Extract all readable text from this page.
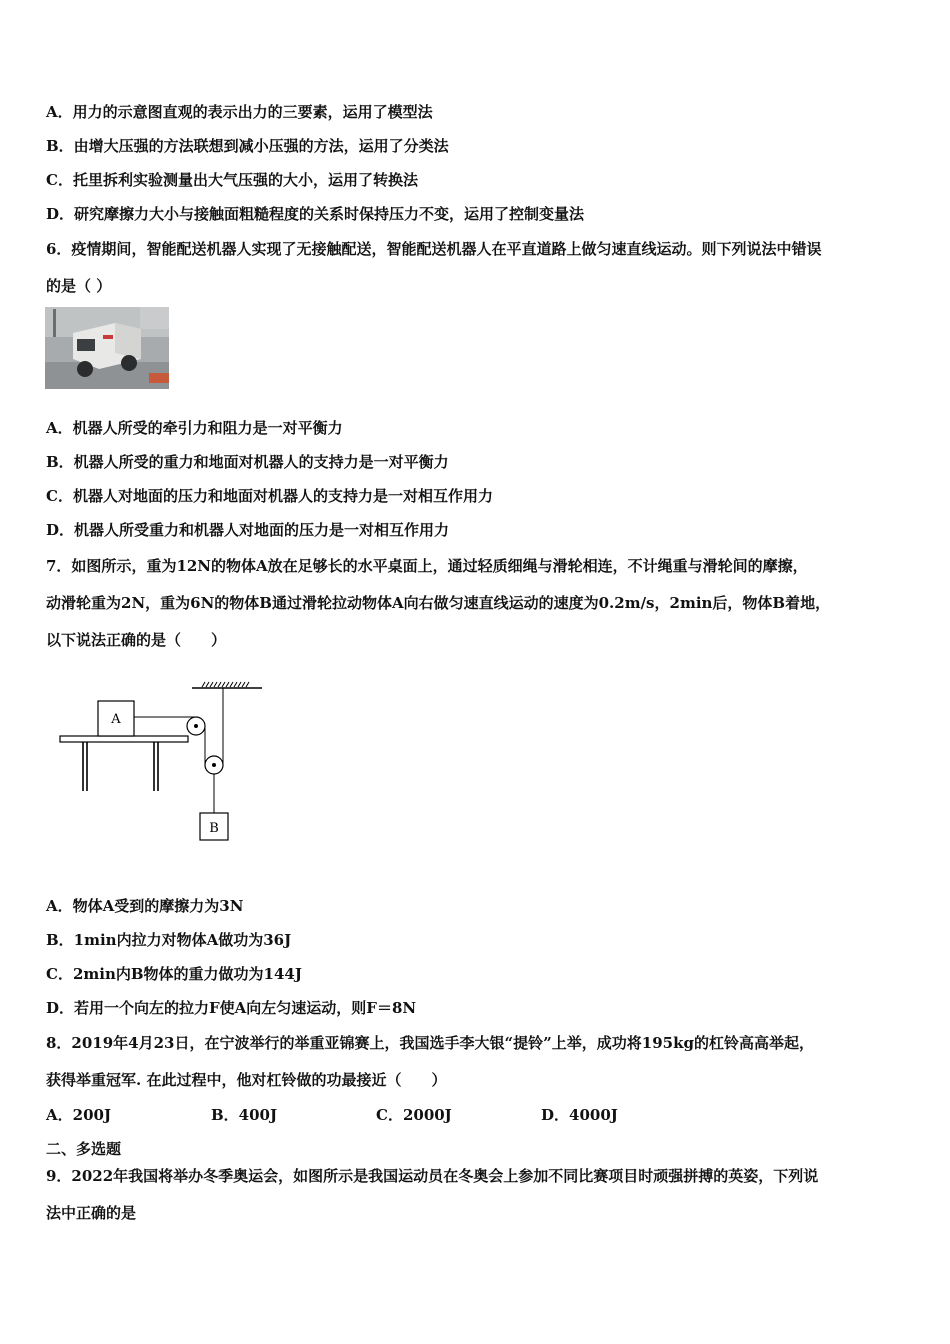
A．用力的示意图直观的表示出力的三要素，运用了模型法
B．由增大压强的方法联想到减小压强的方法，运用了分类法
C．托里拆利实验测量出大气压强的大小，运用了转换法
D．研究摩擦力大小与接触面粗糙程度的关系时保持压力不变，运用了控制变量法
6．疫情期间，智能配送机器人实现了无接触配送，智能配送机器人在平直道路上做匀速直线运动。则下列说法中错误
的是（ ）
A．机器人所受的牵引力和阻力是一对平衡力
B．机器人所受的重力和地面对机器人的支持力是一对平衡力
C．机器人对地面的压力和地面对机器人的支持力是一对相互作用力
D．机器人所受重力和机器人对地面的压力是一对相互作用力
7．如图所示，重为12N的物体A放在足够长的水平桌面上，通过轻质细绳与滑轮相连，不计绳重与滑轮间的摩擦，
动滑轮重为2N，重为6N的物体B通过滑轮拉动物体A向右做匀速直线运动的速度为0.2m/s，2min后，物体B着地，
以下说法正确的是（　　）
A
B
A．物体A受到的摩擦力为3N
B．1min内拉力对物体A做功为36J
C．2min内B物体的重力做功为144J
D．若用一个向左的拉力F使A向左匀速运动，则F＝8N
8．2019年4月23日，在宁波举行的举重亚锦赛上，我国选手李大银“提铃”上举，成功将195kg的杠铃高高举起，
获得举重冠军. 在此过程中，他对杠铃做的功最接近（　　）
A．200J	B．400J	C．2000J	D．4000J
二、多选题
9．2022年我国将举办冬季奥运会，如图所示是我国运动员在冬奥会上参加不同比赛项目时顽强拼搏的英姿，下列说
法中正确的是
